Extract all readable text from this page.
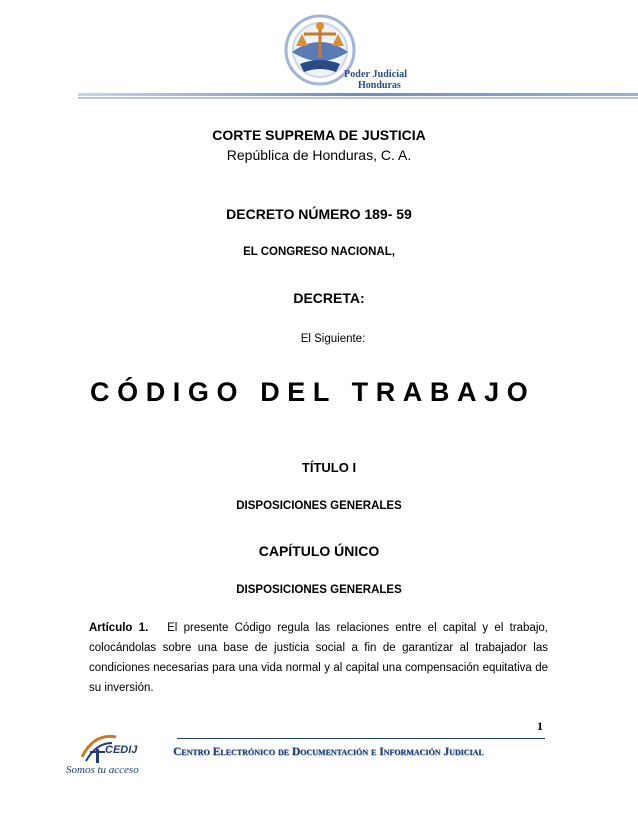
Poder Judicial
Honduras
CORTE SUPREMA DE JUSTICIA
República de Honduras, C. A.
DECRETO NÚMERO 189- 59
EL CONGRESO NACIONAL,
DECRETA:
El Siguiente:
CÓDIGO DEL TRABAJO
TÍTULO I
DISPOSICIONES GENERALES
CAPÍTULO ÚNICO
DISPOSICIONES GENERALES
Artículo 1. El presente Código regula las relaciones entre el capital y el trabajo, colocándolas sobre una base de justicia social a fin de garantizar al trabajador las condiciones necesarias para una vida normal y al capital una compensación equitativa de su inversión.
1
CEDIJ
Somos tu acceso
Centro Electrónico de Documentación e Información Judicial
